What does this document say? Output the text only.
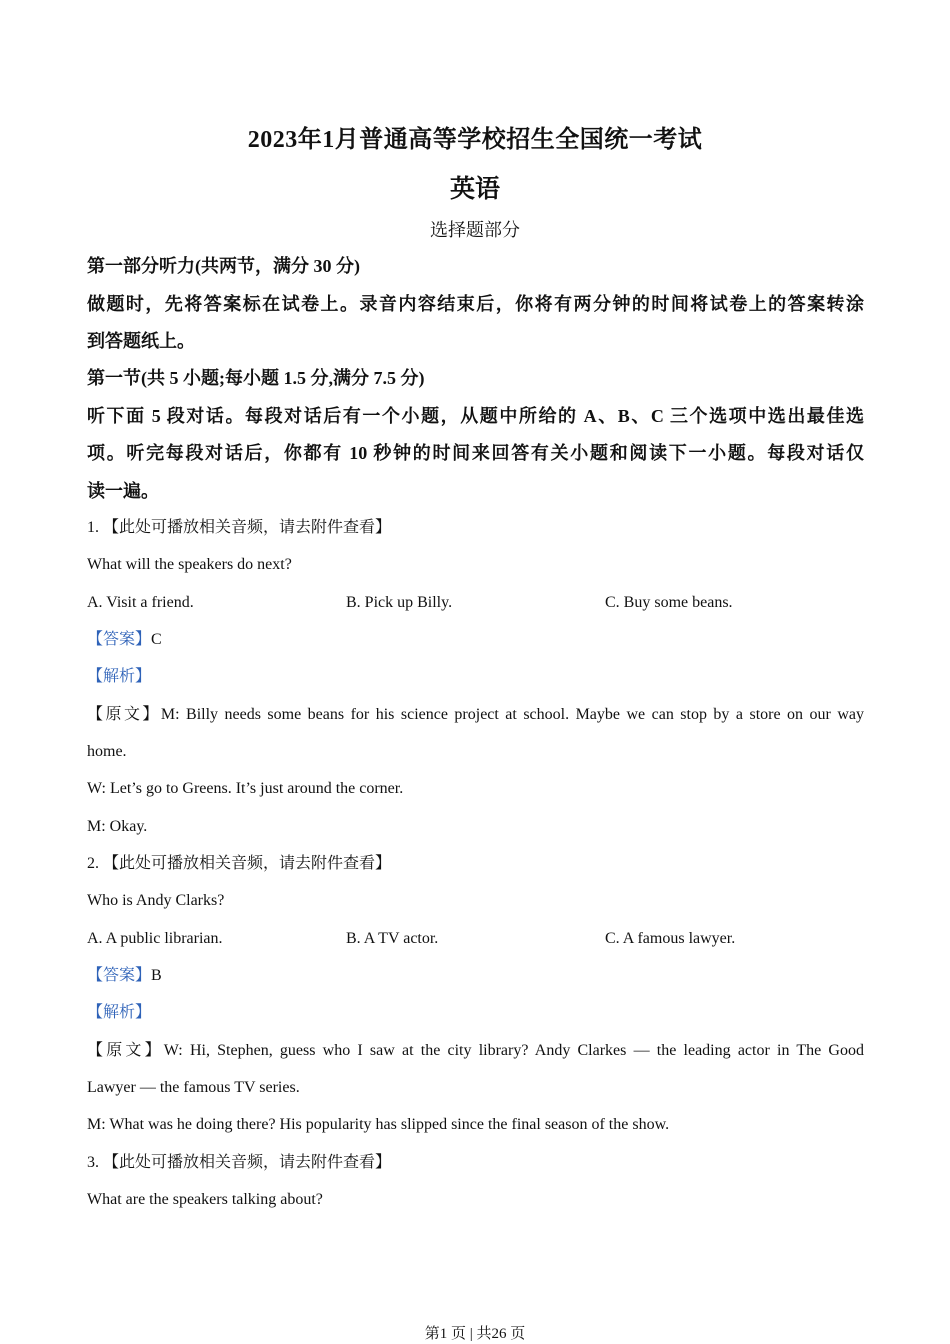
2023年1月普通高等学校招生全国统一考试
英语
选择题部分
第一部分听力(共两节，满分 30 分)
做题时，先将答案标在试卷上。录音内容结束后，你将有两分钟的时间将试卷上的答案转涂
到答题纸上。
第一节(共 5 小题;每小题 1.5 分,满分 7.5 分)
听下面 5 段对话。每段对话后有一个小题，从题中所给的 A、B、C 三个选项中选出最佳选
项。听完每段对话后，你都有 10 秒钟的时间来回答有关小题和阅读下一小题。每段对话仅
读一遍。
1. 【此处可播放相关音频，请去附件查看】
What will the speakers do next?
A. Visit a friend.	B. Pick up Billy.	C. Buy some beans.
【答案】C
【解析】
【原文】M: Billy needs some beans for his science project at school. Maybe we can stop by a store on our way
home.
W: Let’s go to Greens. It’s just around the corner.
M: Okay.
2. 【此处可播放相关音频，请去附件查看】
Who is Andy Clarks?
A. A public librarian.	B. A TV actor.	C. A famous lawyer.
【答案】B
【解析】
【原文】W: Hi, Stephen, guess who I saw at the city library? Andy Clarkes — the leading actor in The Good
Lawyer — the famous TV series.
M: What was he doing there? His popularity has slipped since the final season of the show.
3. 【此处可播放相关音频，请去附件查看】
What are the speakers talking about?
第1 页 | 共26 页
